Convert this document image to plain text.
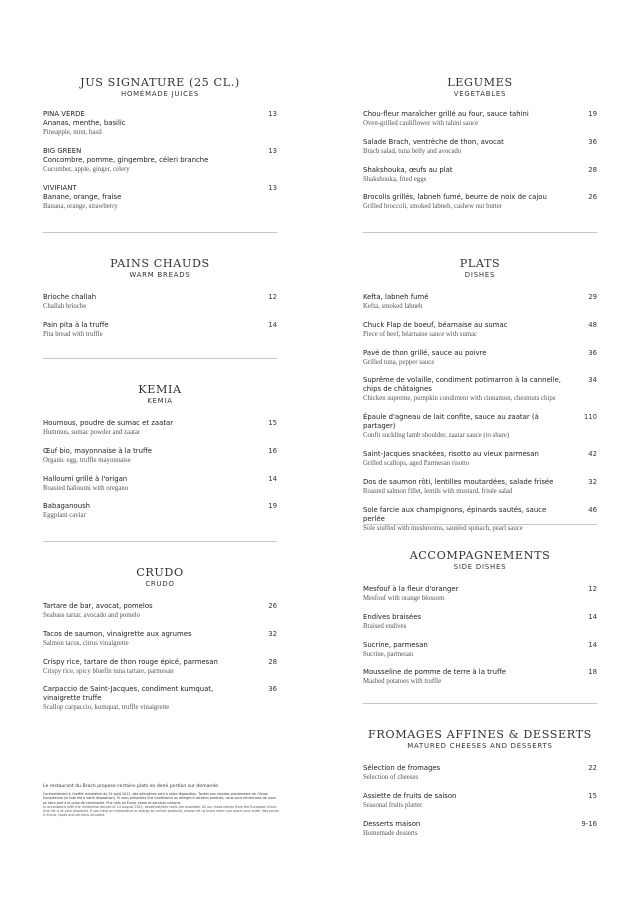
JUS SIGNATURE (25 CL.)
HOMÉMADE JUICES
PINA VERDE
Ananas, menthe, basilic
Pineapple, mint, basil
13
BIG GREEN
Concombre, pomme, gingembre, céleri branche
Cucumber, apple, ginger, celery
13
VIVIFIANT
Banane, orange, fraise
Banana, orange, strawberry
13
PAINS CHAUDS
WARM BREADS
Brioche challah
Challah brioche
12
Pain pita à la truffe
Pita bread with truffle
14
KEMIA
KEMIA
Houmous, poudre de sumac et zaatar
Hummus, sumac powder and zaatar
15
Œuf bio, mayonnaise à la truffe
Organic egg, truffle mayonnaise
16
Halloumi grillé à l'origan
Roasted halloumi with oregano
14
Babaganoush
Eggplant caviar
19
CRUDO
CRUDO
Tartare de bar, avocat, pomelos
Seabass tartar, avocado and pomelo
26
Tacos de saumon, vinaigrette aux agrumes
Salmon tacos, citrus vinaigrette
32
Crispy rice, tartare de thon rouge épicé, parmesan
Crispy rice, spicy bluefin tuna tartare, parmesan
28
Carpaccio de Saint-Jacques, condiment kumquat,
vinaigrette truffe
Scallop carpaccio, kumquat, truffle vinaigrette
36
Le restaurant du Brach propose certains plats en demi portion sur demande
Conformément à l'arrêté ministériel du 24 août 2011, des allergènes sont à votre disposition. Toutes nos viandes proviennent de l'Union Européenne (la liste est à votre disposition). Si vous présentez une intolérance ou allergie à certains produits, nous vous remercions de nous en faire part à la prise de commande. Prix nets en Euros, taxes et services compris.
In accordance with the ministerial decree of 24 August 2011, breakfast/ther texts are available. All our meat comes from the European Union (the list is at your disposal). If you have an intolerance or allergy to certain products, please let us know when you place your order. Net prices in Euros, taxes and services included.
LEGUMES
VEGETABLES
Chou-fleur maraîcher grillé au four, sauce tahini
Oven-grilled cauliflower with tahini sauce
19
Salade Brach, ventrèche de thon, avocat
Brach salad, tuna belly and avocado
36
Shakshouka, œufs au plat
Shakshouka, fried eggs
28
Brocolis grillés, labneh fumé, beurre de noix de cajou
Grilled broccoli, smoked labneh, cashew nut butter
26
PLATS
DISHES
Kefta, labneh fumé
Kefta, smoked labneh
29
Chuck Flap de boeuf, béarnaise au sumac
Piece of beef, béarnaise sauce with sumac
48
Pavé de thon grillé, sauce au poivre
Grilled tuna, pepper sauce
36
Suprême de volaille, condiment potimarron à la cannelle,
chips de châtaignes
Chicken supreme, pumpkin condiment with cinnamon, chestnuts chips
34
Épaule d'agneau de lait confite, sauce au zaatar (à partager)
Confit suckling lamb shoulder, zaatar sauce (to share)
110
Saint-Jacques snackées, risotto au vieux parmesan
Grilled scallops, aged Parmesan risotto
42
Dos de saumon rôti, lentilles moutardées, salade frisée
Roasted salmon fillet, lentils with mustard, frisée salad
32
Sole farcie aux champignons, épinards sautés, sauce perlée
Sole stuffed with mushrooms, sautéed spinach, pearl sauce
46
ACCOMPAGNEMENTS
SIDE DISHES
Mesfouf à la fleur d'oranger
Mesfouf with orange blossom
12
Endives braisées
Braised endives
14
Sucrine, parmesan
Sucrine, parmesan
14
Mousseline de pomme de terre à la truffe
Mashed potatoes with truffle
18
FROMAGES AFFINES & DESSERTS
MATURED CHEESES AND DESSERTS
Sélection de fromages
Selection of cheeses
22
Assiette de fruits de saison
Seasonal fruits platter
15
Desserts maison
Homemade desserts
9-16
